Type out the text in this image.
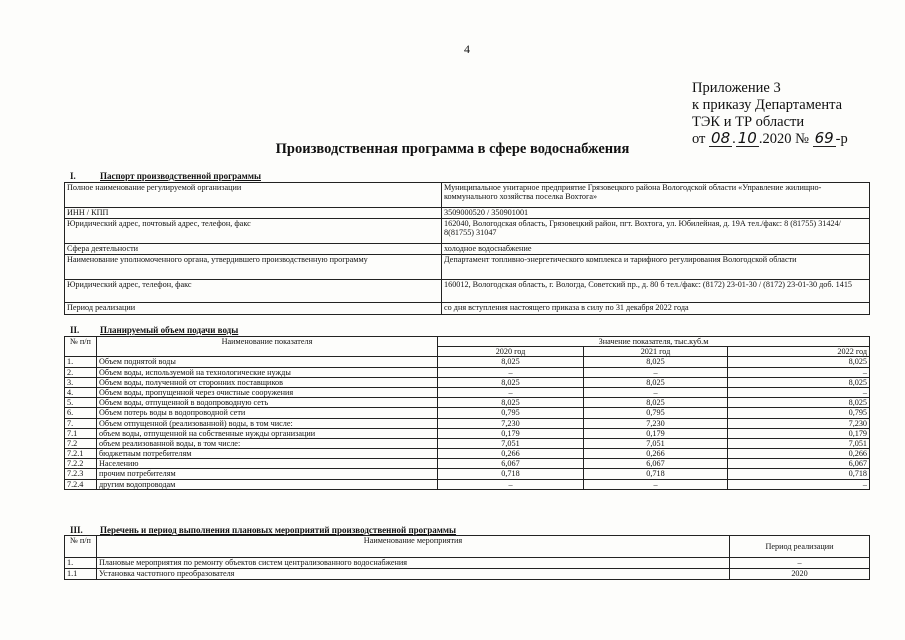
4
Приложение 3
к приказу Департамента
ТЭК и ТР области
от 08 . 10 .2020 № 69 -р
Производственная программа в сфере водоснабжения
I.	Паспорт производственной программы
Полное наименование регулируемой организации	Муниципальное унитарное предприятие Грязовецкого района Вологодской области «Управление жилищно-коммунального хозяйства поселка Вохтога»
ИНН / КПП	3509000520 / 350901001
Юридический адрес, почтовый адрес, телефон, факс	162040, Вологодская область, Грязовецкий район, пгт. Вохтога, ул. Юбилейная, д. 19А тел./факс: 8 (81755) 31424/ 8(81755) 31047
Сфера деятельности	холодное водоснабжение
Наименование уполномоченного органа, утвердившего производственную программу	Департамент топливно-энергетического комплекса и тарифного регулирования Вологодской области
Юридический адрес, телефон, факс	160012, Вологодская область, г. Вологда, Советский пр., д. 80 б тел./факс: (8172) 23-01-30 / (8172) 23-01-30 доб. 1415
Период реализации	со дня вступления настоящего приказа в силу по 31 декабря 2022 года
II. Планируемый объем подачи воды
№ п/п	Наименование показателя	Значение показателя, тыс.куб.м		
		2020 год	2021 год	2022 год
1.	Объем поднятой воды	8,025	8,025	8,025
2.	Объем воды, используемой на технологические нужды	–	–	–
3.	Объем воды, полученной от сторонних поставщиков	8,025	8,025	8,025
4.	Объем воды, пропущенной через очистные сооружения	–	–	–
5.	Объем воды, отпущенной в водопроводную сеть	8,025	8,025	8,025
6.	Объем потерь воды в водопроводной сети	0,795	0,795	0,795
7.	Объем отпущенной (реализованной) воды, в том числе:	7,230	7,230	7,230
7.1	объем воды, отпущенной на собственные нужды организации	0,179	0,179	0,179
7.2	объем реализованной воды, в том числе:	7,051	7,051	7,051
7.2.1	бюджетным потребителям	0,266	0,266	0,266
7.2.2	Населению	6,067	6,067	6,067
7.2.3	прочим потребителям	0,718	0,718	0,718
7.2.4	другим водопроводам	–	–	–
III. Перечень и период выполнения плановых мероприятий производственной программы
№ п/п	Наименование мероприятия	Период реализации
1.	Плановые мероприятия по ремонту объектов систем централизованного водоснабжения	–
1.1	Установка частотного преобразователя	2020
